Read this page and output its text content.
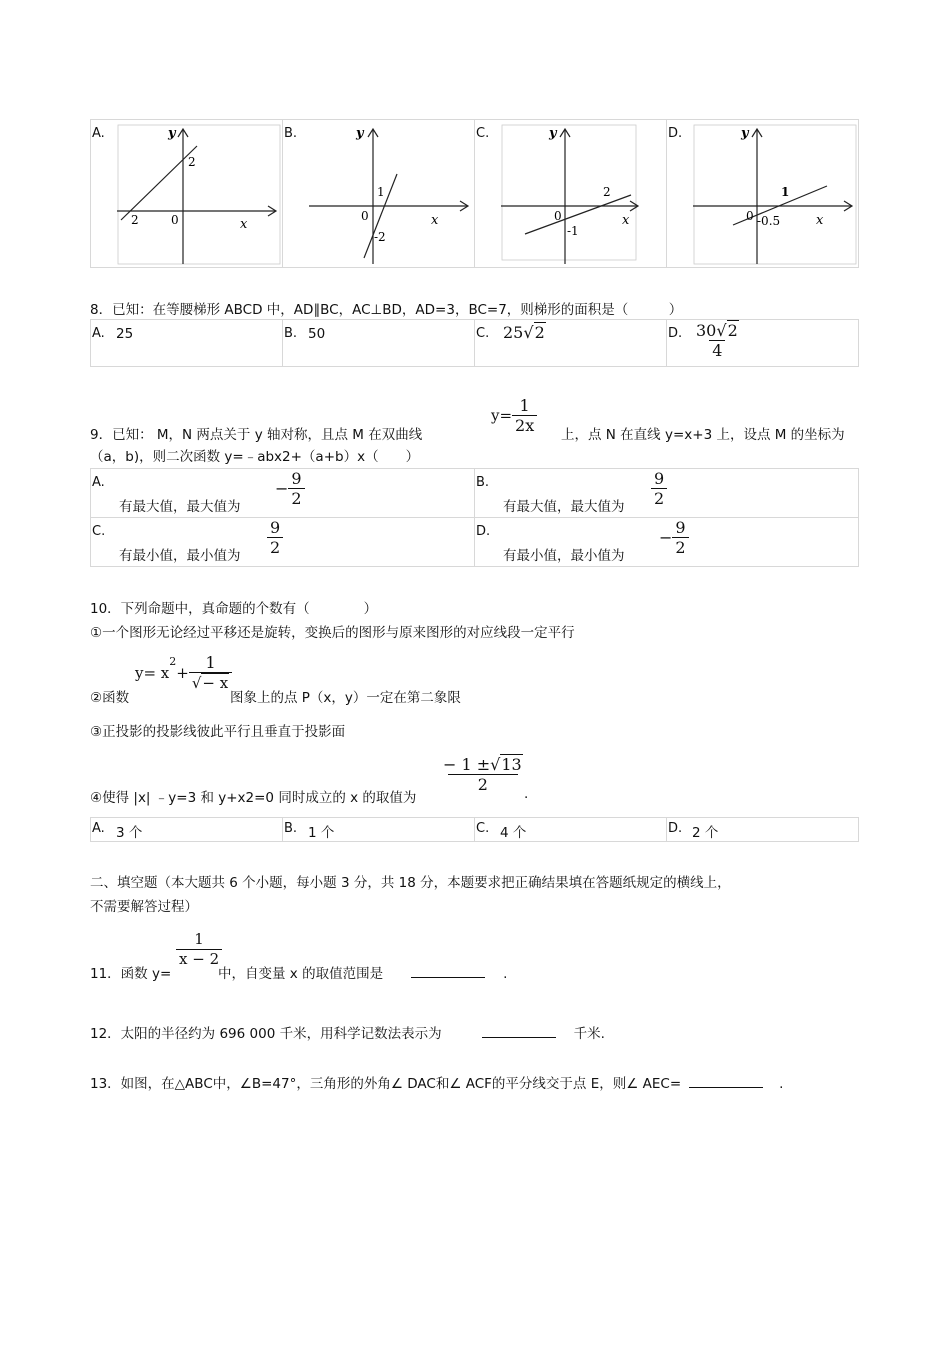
A.	y
2
2	0	x

B.	y
1
0
-2
x

C.	y
2
0
-1
x

D.	y
1
0 -0.5	x
8．已知：在等腰梯形 ABCD 中，AD∥BC，AC⊥BD，AD=3，BC=7，则梯形的面积是（　　　）
A. 25	B. 50	C. 25√2	D. $\frac{30√2}{4}$
9．已知： M，N 两点关于 y 轴对称，且点 M 在双曲线
$y= \frac{1}{2x}$ 上，点 N 在直线 y=x+3 上，设点 M 的坐标为
（a，b)，则二次函数 y=﹣abx2+（a+b）x（　　）
A.
有最大值，最大值为
− $\frac{9}{2}$	B.
有最大值，最大值为 $\frac{9}{2}$

C.
有最小值，最小值为 $\frac{9}{2}$	D.
有最小值，最小值为
− $\frac{9}{2}$
10．下列命题中，真命题的个数有（　　　　）
①一个图形无论经过平移还是旋转，变换后的图形与原来图形的对应线段一定平行
②函数
$y= x^2+ \frac{1}{√- x}$
图象上的点 P（x，y）一定在第二象限
③正投影的投影线彼此平行且垂直于投影面
④使得 |x| ﹣y=3 和 y+x2=0 同时成立的 x 的取值为
$\frac{- 1 \pm√13}{2}$
.
A. 3 个	B. 1 个	C. 4 个	D. 2 个
二、填空题（本大题共 6 个小题，每小题 3 分，共 18 分，本题要求把正确结果填在答题纸规定的横线上，
不需要解答过程）
11．函数 y=
$\frac{1}{x - 2}$
中，自变量 x 的取值范围是	.
12．太阳的半径约为 696 000 千米，用科学记数法表示为	千米.
13．如图，在△ABC中，∠B=47°，三角形的外角∠ DAC和∠ ACF的平分线交于点 E，则∠ AEC=	.
